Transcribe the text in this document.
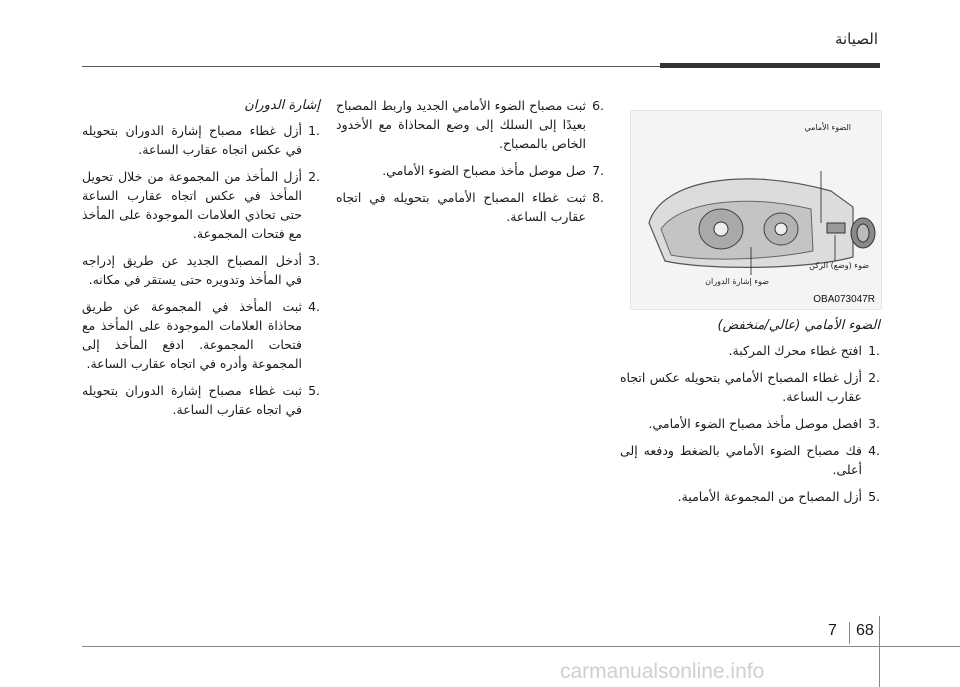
الصيانة
إشارة الدوران
.1
أزل غطاء مصباح إشارة الدوران بتحويله في عكس اتجاه عقارب الساعة.
.2
أزل المأخذ من المجموعة من خلال تحويل المأخذ في عكس اتجاه عقارب الساعة حتى تحاذي العلامات الموجودة على المأخذ مع فتحات المجموعة.
.3
أدخل المصباح الجديد عن طريق إدراجه في المأخذ وتدويره حتى يستقر في مكانه.
.4
ثبت المأخذ في المجموعة عن طريق محاذاة العلامات الموجودة على المأخذ مع فتحات المجموعة. ادفع المأخذ إلى المجموعة وأدره في اتجاه عقارب الساعة.
.5
ثبت غطاء مصباح إشارة الدوران بتحويله في اتجاه عقارب الساعة.
.6
ثبت مصباح الضوء الأمامي الجديد واربط المصباح بعيدًا إلى السلك إلى وضع المحاذاة مع الأخدود الخاص بالمصباح.
.7
صل موصل مأخذ مصباح الضوء الأمامي.
.8
ثبت غطاء المصباح الأمامي بتحويله في اتجاه عقارب الساعة.
الضوء الأمامي
ضوء (وضع) الركن
ضوء إشارة الدوران
OBA073047R
الضوء الأمامي (عالي/منخفض)
.1
افتح غطاء محرك المركبة.
.2
أزل غطاء المصباح الأمامي بتحويله عكس اتجاه عقارب الساعة.
.3
افصل موصل مأخذ مصباح الضوء الأمامي.
.4
فك مصباح الضوء الأمامي بالضغط ودفعه إلى أعلى.
.5
أزل المصباح من المجموعة الأمامية.
7 68
carmanualsonline.info
